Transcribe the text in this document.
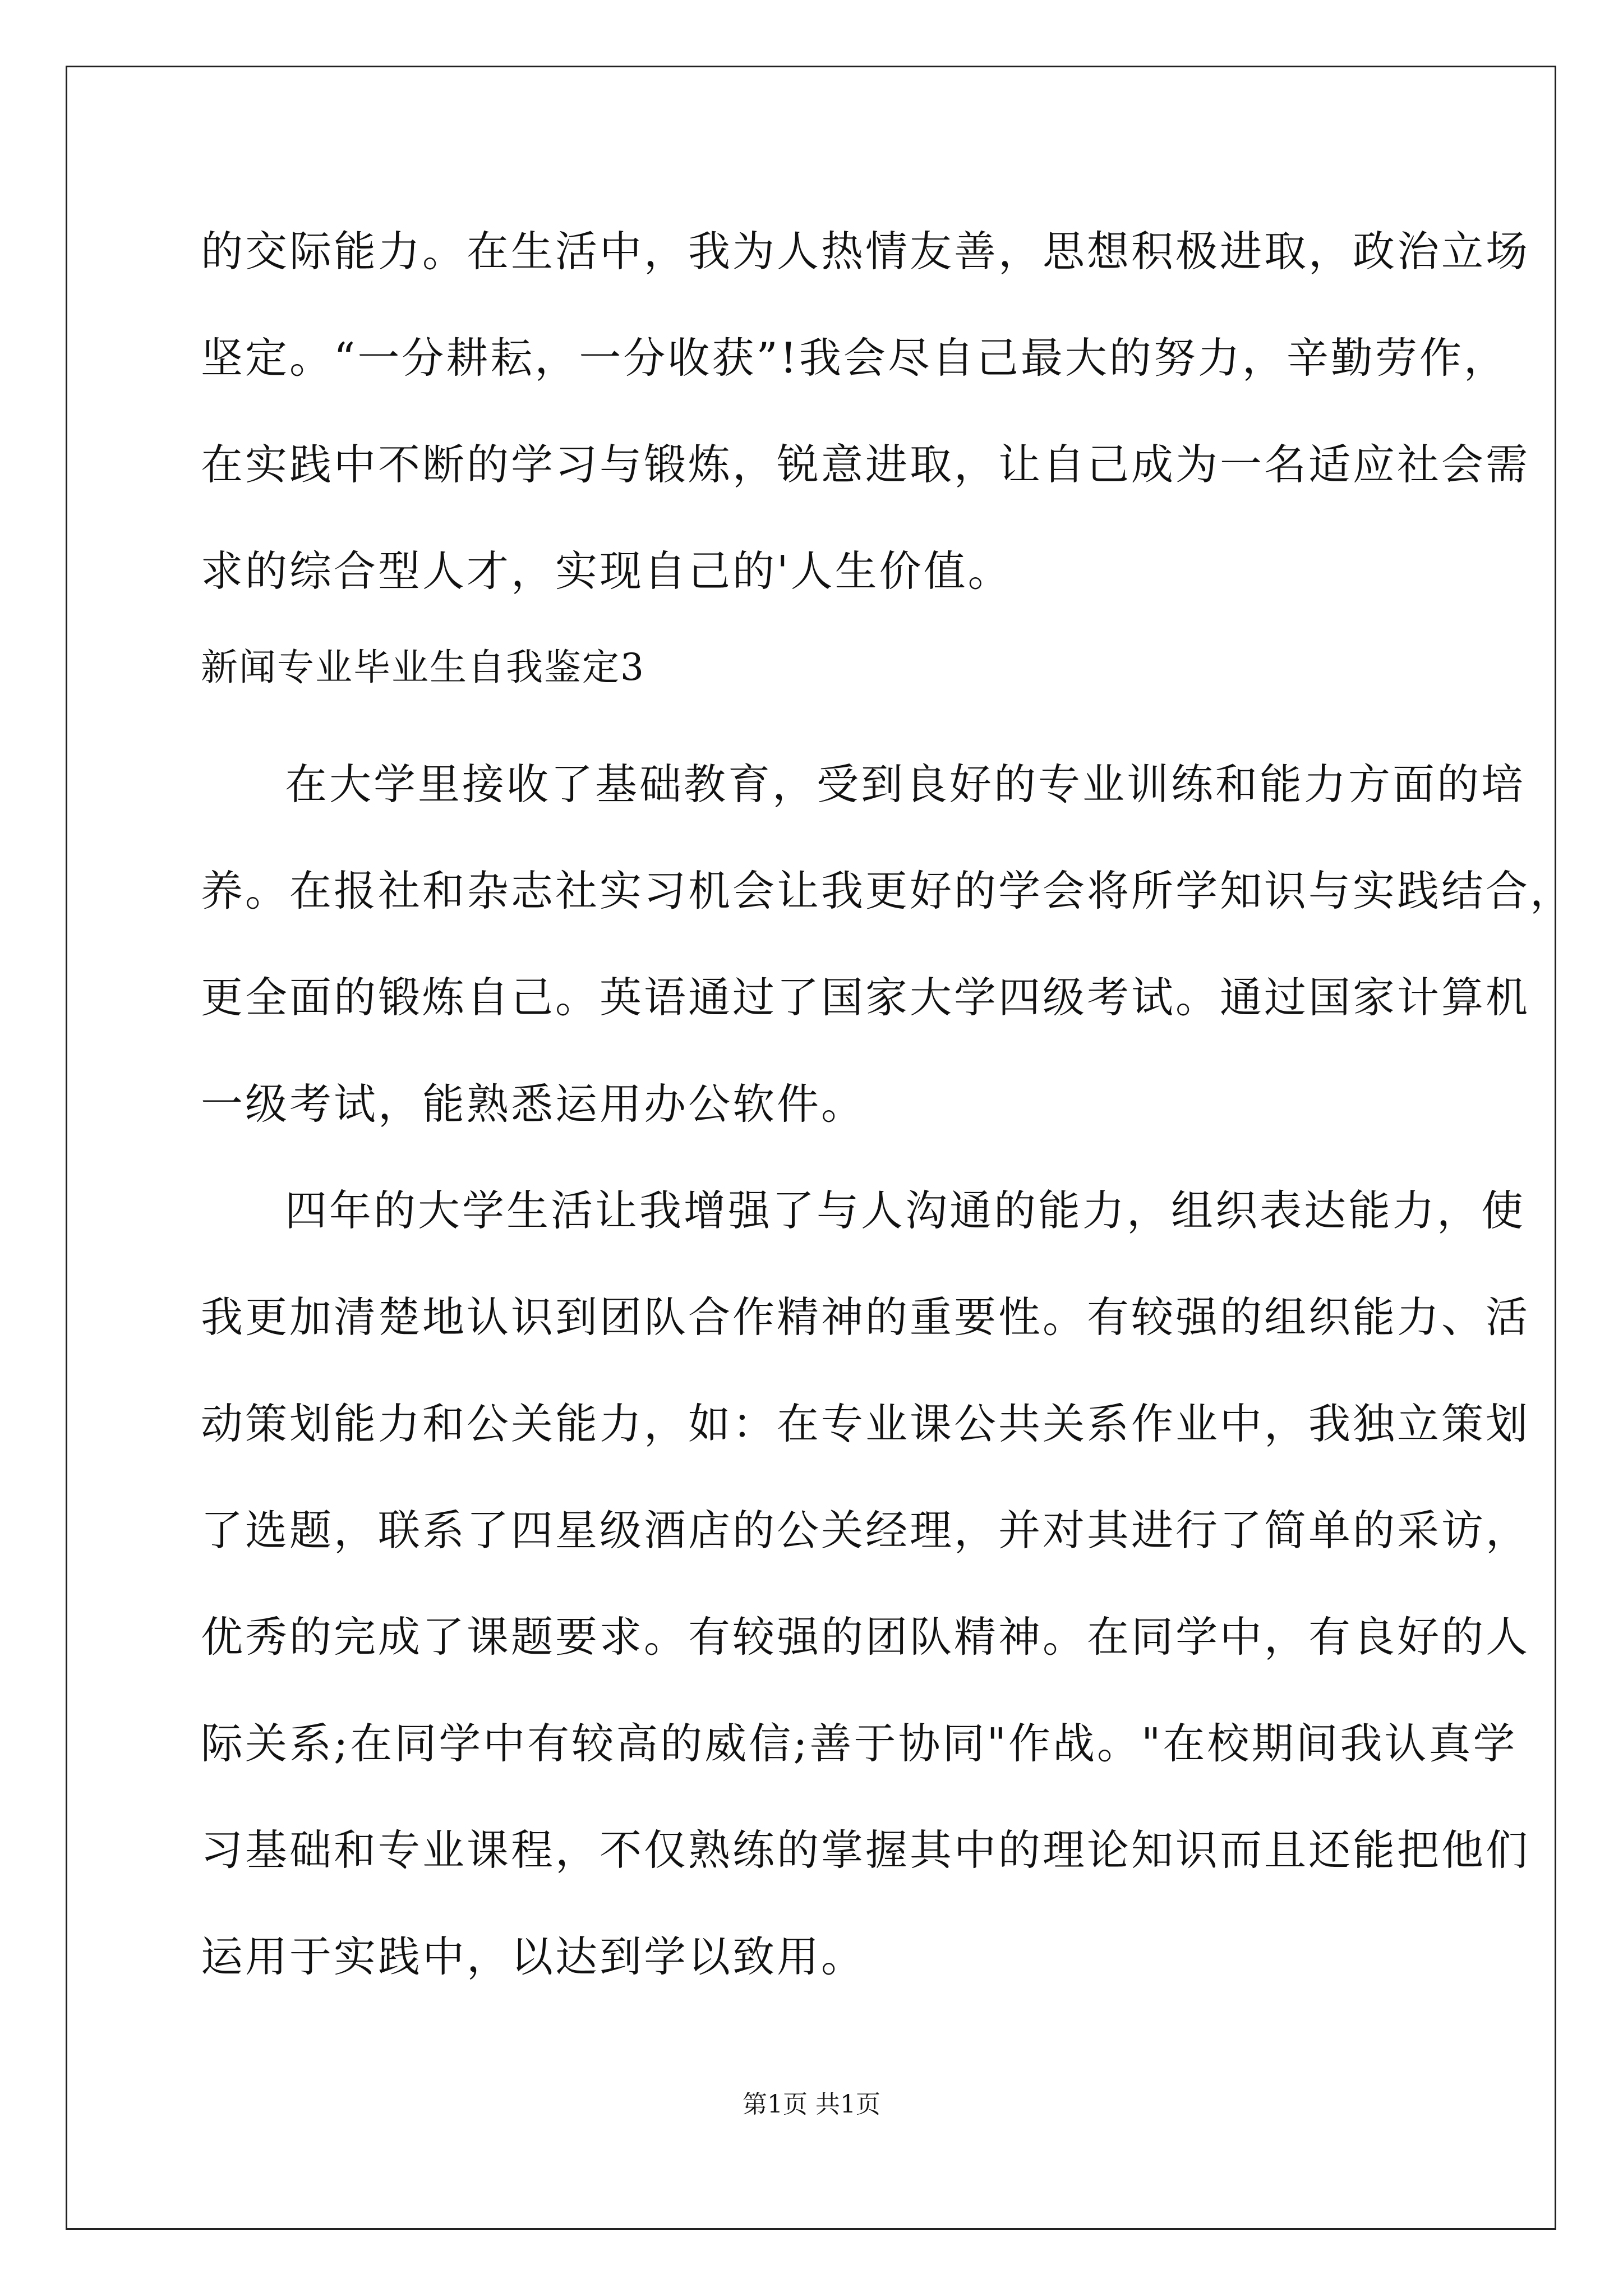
的交际能力。在生活中，我为人热情友善，思想积极进取，政治立场
坚定。“一分耕耘，一分收获”!我会尽自己最大的努力，辛勤劳作，
在实践中不断的学习与锻炼，锐意进取，让自己成为一名适应社会需
求的综合型人才，实现自己的'人生价值。
新闻专业毕业生自我鉴定3
在大学里接收了基础教育，受到良好的专业训练和能力方面的培
养。在报社和杂志社实习机会让我更好的学会将所学知识与实践结合，
更全面的锻炼自己。英语通过了国家大学四级考试。通过国家计算机
一级考试，能熟悉运用办公软件。
四年的大学生活让我增强了与人沟通的能力，组织表达能力，使
我更加清楚地认识到团队合作精神的重要性。有较强的组织能力、活
动策划能力和公关能力，如：在专业课公共关系作业中，我独立策划
了选题，联系了四星级酒店的公关经理，并对其进行了简单的采访，
优秀的完成了课题要求。有较强的团队精神。在同学中，有良好的人
际关系;在同学中有较高的威信;善于协同"作战。"在校期间我认真学
习基础和专业课程，不仅熟练的掌握其中的理论知识而且还能把他们
运用于实践中，以达到学以致用。
第1页 共1页
